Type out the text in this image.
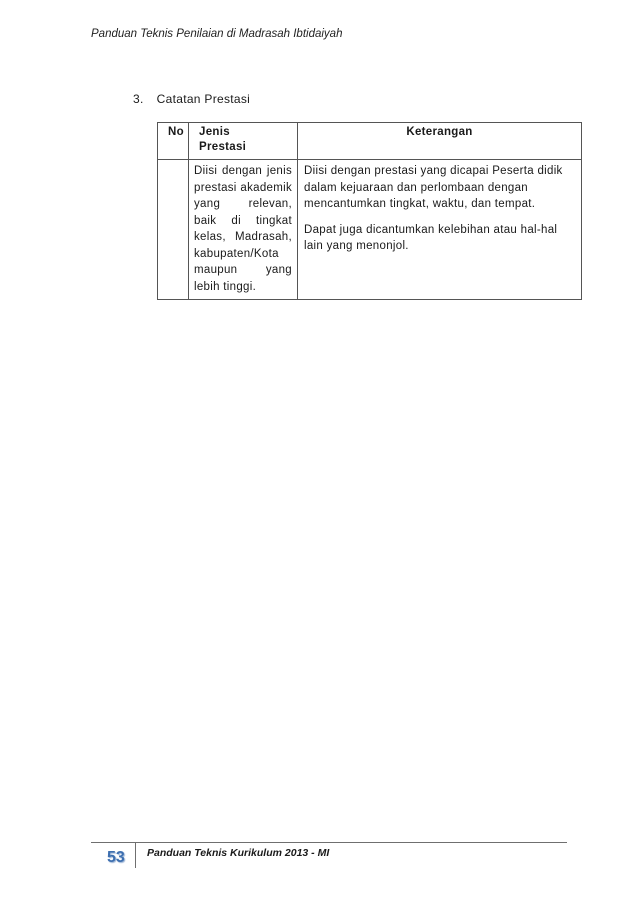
Panduan Teknis Penilaian di Madrasah Ibtidaiyah
3. Catatan Prestasi
No	Jenis Prestasi	Keterangan
	Diisi dengan jenis prestasi akademik yang relevan, baik di tingkat kelas, Madrasah, kabupaten/Kota maupun yang lebih tinggi.	Diisi dengan prestasi yang dicapai Peserta didik dalam kejuaraan dan perlombaan dengan mencantumkan tingkat, waktu, dan tempat.

Dapat juga dicantumkan kelebihan atau hal-hal lain yang menonjol.

53 Panduan Teknis Kurikulum 2013 - MI
